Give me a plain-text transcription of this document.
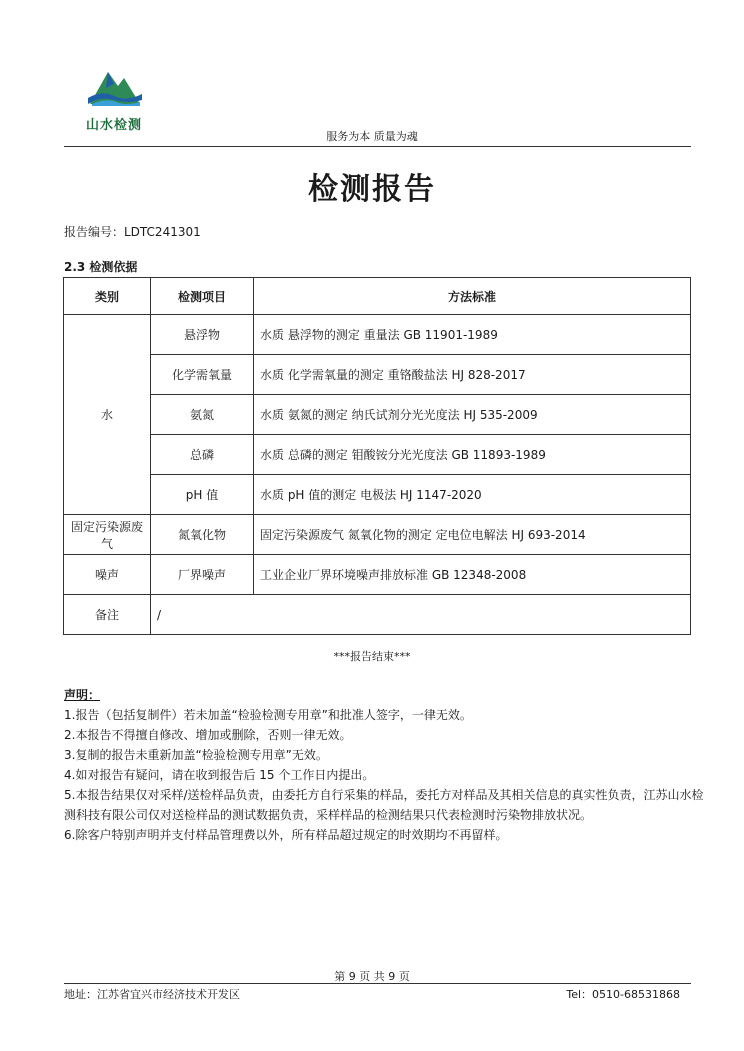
山水检测
服务为本 质量为魂
检测报告
报告编号：LDTC241301
2.3 检测依据
类别	检测项目	方法标准
水	悬浮物	水质 悬浮物的测定 重量法 GB 11901-1989
	化学需氧量	水质 化学需氧量的测定 重铬酸盐法 HJ 828-2017
	氨氮	水质 氨氮的测定 纳氏试剂分光光度法 HJ 535-2009
	总磷	水质 总磷的测定 钼酸铵分光光度法 GB 11893-1989
	pH 值	水质 pH 值的测定 电极法 HJ 1147-2020
固定污染源废气	氮氧化物	固定污染源废气 氮氧化物的测定 定电位电解法 HJ 693-2014
噪声	厂界噪声	工业企业厂界环境噪声排放标准 GB 12348-2008
备注	/	
***报告结束***
声明：

1.报告（包括复制件）若未加盖“检验检测专用章”和批准人签字，一律无效。

2.本报告不得擅自修改、增加或删除，否则一律无效。

3.复制的报告未重新加盖“检验检测专用章”无效。

4.如对报告有疑问，请在收到报告后 15 个工作日内提出。

5.本报告结果仅对采样/送检样品负责，由委托方自行采集的样品，委托方对样品及其相关信息的真实性负责，江苏山水检测科技有限公司仅对送检样品的测试数据负责，采样样品的检测结果只代表检测时污染物排放状况。

6.除客户特别声明并支付样品管理费以外，所有样品超过规定的时效期均不再留样。

第 9 页 共 9 页
地址：江苏省宜兴市经济技术开发区	Tel：0510-68531868
